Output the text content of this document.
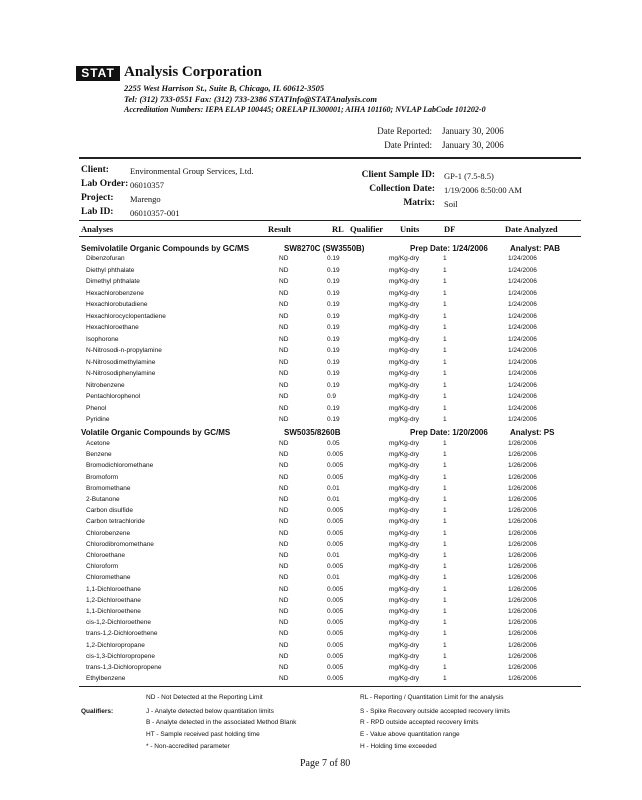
STAT Analysis Corporation
2255 West Harrison St., Suite B, Chicago, IL 60612-3505
Tel: (312) 733-0551 Fax: (312) 733-2386 STATInfo@STATAnalysis.com
Accreditation Numbers: IEPA ELAP 100445; ORELAP IL300001; AIHA 101160; NVLAP LabCode 101202-0
Date Reported: January 30, 2006
Date Printed: January 30, 2006
Client: Environmental Group Services, Ltd.
Lab Order: 06010357
Project: Marengo
Lab ID: 06010357-001
Client Sample ID: GP-1 (7.5-8.5)
Collection Date: 1/19/2006 8:50:00 AM
Matrix: Soil
Analyses	Result	RL Qualifier Units	DF	Date Analyzed
Semivolatile Organic Compounds by GC/MS	SW8270C (SW3550B)	Prep Date: 1/24/2006	Analyst: PAB
Dibenzofuran	ND	0.19	mg/Kg-dry	1	1/24/2006
Diethyl phthalate	ND	0.19	mg/Kg-dry	1	1/24/2006
Dimethyl phthalate	ND	0.19	mg/Kg-dry	1	1/24/2006
Hexachlorobenzene	ND	0.19	mg/Kg-dry	1	1/24/2006
Hexachlorobutadiene	ND	0.19	mg/Kg-dry	1	1/24/2006
Hexachlorocyclopentadiene	ND	0.19	mg/Kg-dry	1	1/24/2006
Hexachloroethane	ND	0.19	mg/Kg-dry	1	1/24/2006
Isophorone	ND	0.19	mg/Kg-dry	1	1/24/2006
N-Nitrosodi-n-propylamine	ND	0.19	mg/Kg-dry	1	1/24/2006
N-Nitrosodimethylamine	ND	0.19	mg/Kg-dry	1	1/24/2006
N-Nitrosodiphenylamine	ND	0.19	mg/Kg-dry	1	1/24/2006
Nitrobenzene	ND	0.19	mg/Kg-dry	1	1/24/2006
Pentachlorophenol	ND	0.9	mg/Kg-dry	1	1/24/2006
Phenol	ND	0.19	mg/Kg-dry	1	1/24/2006
Pyridine	ND	0.19	mg/Kg-dry	1	1/24/2006
Volatile Organic Compounds by GC/MS	SW5035/8260B	Prep Date: 1/20/2006	Analyst: PS
Acetone	ND	0.05	mg/Kg-dry	1	1/26/2006
Benzene	ND	0.005	mg/Kg-dry	1	1/26/2006
Bromodichloromethane	ND	0.005	mg/Kg-dry	1	1/26/2006
Bromoform	ND	0.005	mg/Kg-dry	1	1/26/2006
Bromomethane	ND	0.01	mg/Kg-dry	1	1/26/2006
2-Butanone	ND	0.01	mg/Kg-dry	1	1/26/2006
Carbon disulfide	ND	0.005	mg/Kg-dry	1	1/26/2006
Carbon tetrachloride	ND	0.005	mg/Kg-dry	1	1/26/2006
Chlorobenzene	ND	0.005	mg/Kg-dry	1	1/26/2006
Chlorodibromomethane	ND	0.005	mg/Kg-dry	1	1/26/2006
Chloroethane	ND	0.01	mg/Kg-dry	1	1/26/2006
Chloroform	ND	0.005	mg/Kg-dry	1	1/26/2006
Chloromethane	ND	0.01	mg/Kg-dry	1	1/26/2006
1,1-Dichloroethane	ND	0.005	mg/Kg-dry	1	1/26/2006
1,2-Dichloroethane	ND	0.005	mg/Kg-dry	1	1/26/2006
1,1-Dichloroethene	ND	0.005	mg/Kg-dry	1	1/26/2006
cis-1,2-Dichloroethene	ND	0.005	mg/Kg-dry	1	1/26/2006
trans-1,2-Dichloroethene	ND	0.005	mg/Kg-dry	1	1/26/2006
1,2-Dichloropropane	ND	0.005	mg/Kg-dry	1	1/26/2006
cis-1,3-Dichloropropene	ND	0.005	mg/Kg-dry	1	1/26/2006
trans-1,3-Dichloropropene	ND	0.005	mg/Kg-dry	1	1/26/2006
Ethylbenzene	ND	0.005	mg/Kg-dry	1	1/26/2006
Qualifiers:
ND - Not Detected at the Reporting Limit
J - Analyte detected below quantitation limits
B - Analyte detected in the associated Method Blank
HT - Sample received past holding time
* - Non-accredited parameter
RL - Reporting / Quantitation Limit for the analysis
S - Spike Recovery outside accepted recovery limits
R - RPD outside accepted recovery limits
E - Value above quantitation range
H - Holding time exceeded
Page 7 of 80
